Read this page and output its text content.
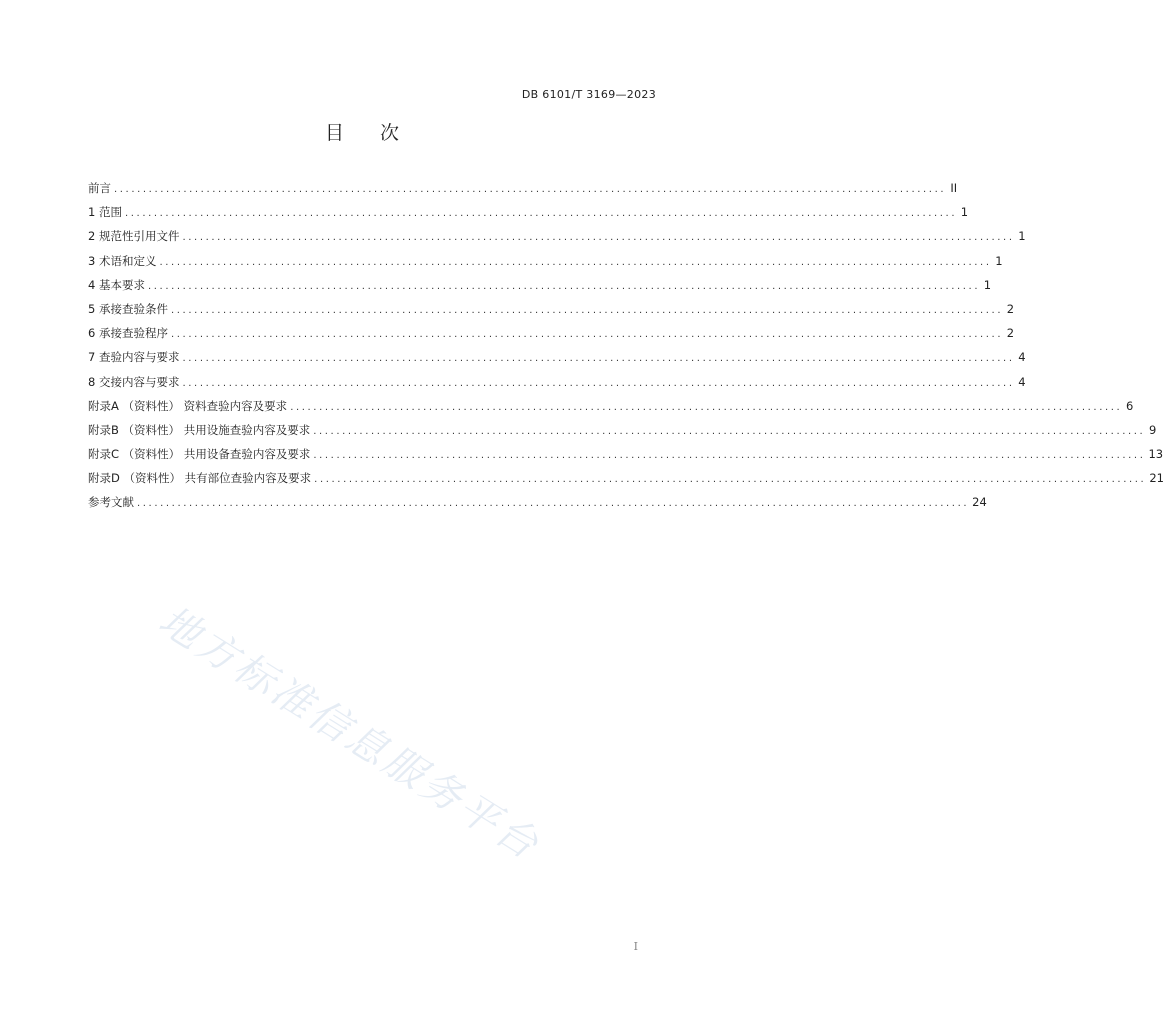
DB 6101/T 3169—2023
目 次
前言 ................................................................................................................................................ II
1 范围 ................................................................................................................................................ 1
2 规范性引用文件 ................................................................................................................................................ 1
3 术语和定义 ................................................................................................................................................ 1
4 基本要求 ................................................................................................................................................ 1
5 承接查验条件 ................................................................................................................................................ 2
6 承接查验程序 ................................................................................................................................................ 2
7 查验内容与要求 ................................................................................................................................................ 4
8 交接内容与要求 ................................................................................................................................................ 4
附录A （资料性） 资料查验内容及要求 ................................................................................................................................................ 6
附录B （资料性） 共用设施查验内容及要求 ................................................................................................................................................ 9
附录C （资料性） 共用设备查验内容及要求 ................................................................................................................................................ 13
附录D （资料性） 共有部位查验内容及要求 ................................................................................................................................................ 21
参考文献 ................................................................................................................................................ 24
地方标准信息服务平台
I
